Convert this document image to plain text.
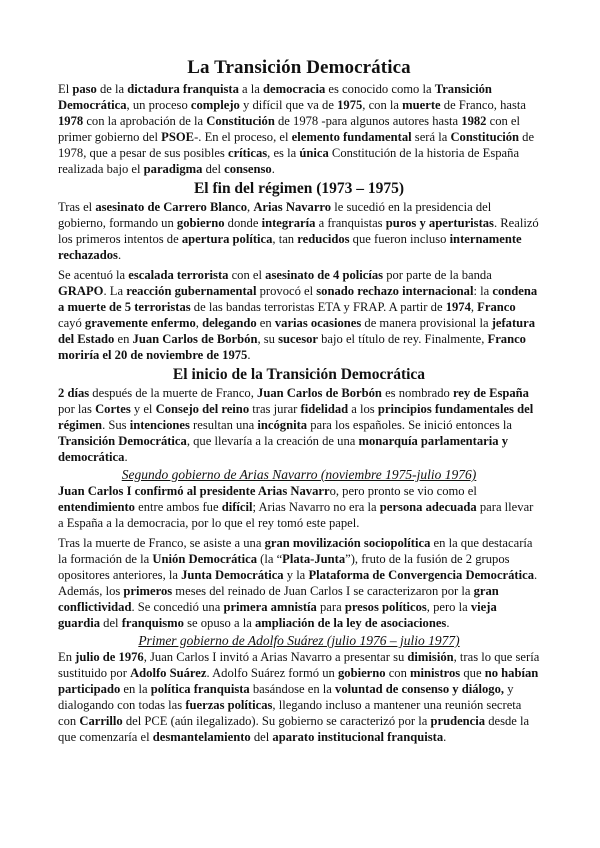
La Transición Democrática

El paso de la dictadura franquista a la democracia es conocido como la Transición Democrática, un proceso complejo y difícil que va de 1975, con la muerte de Franco, hasta 1978 con la aprobación de la Constitución de 1978 -para algunos autores hasta 1982 con el primer gobierno del PSOE-. En el proceso, el elemento fundamental será la Constitución de 1978, que a pesar de sus posibles críticas, es la única Constitución de la historia de España realizada bajo el paradigma del consenso.

El fin del régimen (1973 – 1975)

Tras el asesinato de Carrero Blanco, Arias Navarro le sucedió en la presidencia del gobierno, formando un gobierno donde integraría a franquistas puros y aperturistas. Realizó los primeros intentos de apertura política, tan reducidos que fueron incluso internamente rechazados.

Se acentuó la escalada terrorista con el asesinato de 4 policías por parte de la banda GRAPO. La reacción gubernamental provocó el sonado rechazo internacional: la condena a muerte de 5 terroristas de las bandas terroristas ETA y FRAP. A partir de 1974, Franco cayó gravemente enfermo, delegando en varias ocasiones de manera provisional la jefatura del Estado en Juan Carlos de Borbón, su sucesor bajo el título de rey. Finalmente, Franco moriría el 20 de noviembre de 1975.

El inicio de la Transición Democrática

2 días después de la muerte de Franco, Juan Carlos de Borbón es nombrado rey de España por las Cortes y el Consejo del reino tras jurar fidelidad a los principios fundamentales del régimen. Sus intenciones resultan una incógnita para los españoles. Se inició entonces la Transición Democrática, que llevaría a la creación de una monarquía parlamentaria y democrática.

Segundo gobierno de Arias Navarro (noviembre 1975-julio 1976)

Juan Carlos I confirmó al presidente Arias Navarro, pero pronto se vio como el entendimiento entre ambos fue difícil; Arias Navarro no era la persona adecuada para llevar a España a la democracia, por lo que el rey tomó este papel.

Tras la muerte de Franco, se asiste a una gran movilización sociopolítica en la que destacaría la formación de la Unión Democrática (la “Plata-Junta”), fruto de la fusión de 2 grupos opositores anteriores, la Junta Democrática y la Plataforma de Convergencia Democrática. Además, los primeros meses del reinado de Juan Carlos I se caracterizaron por la gran conflictividad. Se concedió una primera amnistía para presos políticos, pero la vieja guardia del franquismo se opuso a la ampliación de la ley de asociaciones.

Primer gobierno de Adolfo Suárez (julio 1976 – julio 1977)

En julio de 1976, Juan Carlos I invitó a Arias Navarro a presentar su dimisión, tras lo que sería sustituido por Adolfo Suárez. Adolfo Suárez formó un gobierno con ministros que no habían participado en la política franquista basándose en la voluntad de consenso y diálogo, y dialogando con todas las fuerzas políticas, llegando incluso a mantener una reunión secreta con Carrillo del PCE (aún ilegalizado). Su gobierno se caracterizó por la prudencia desde la que comenzaría el desmantelamiento del aparato institucional franquista.
